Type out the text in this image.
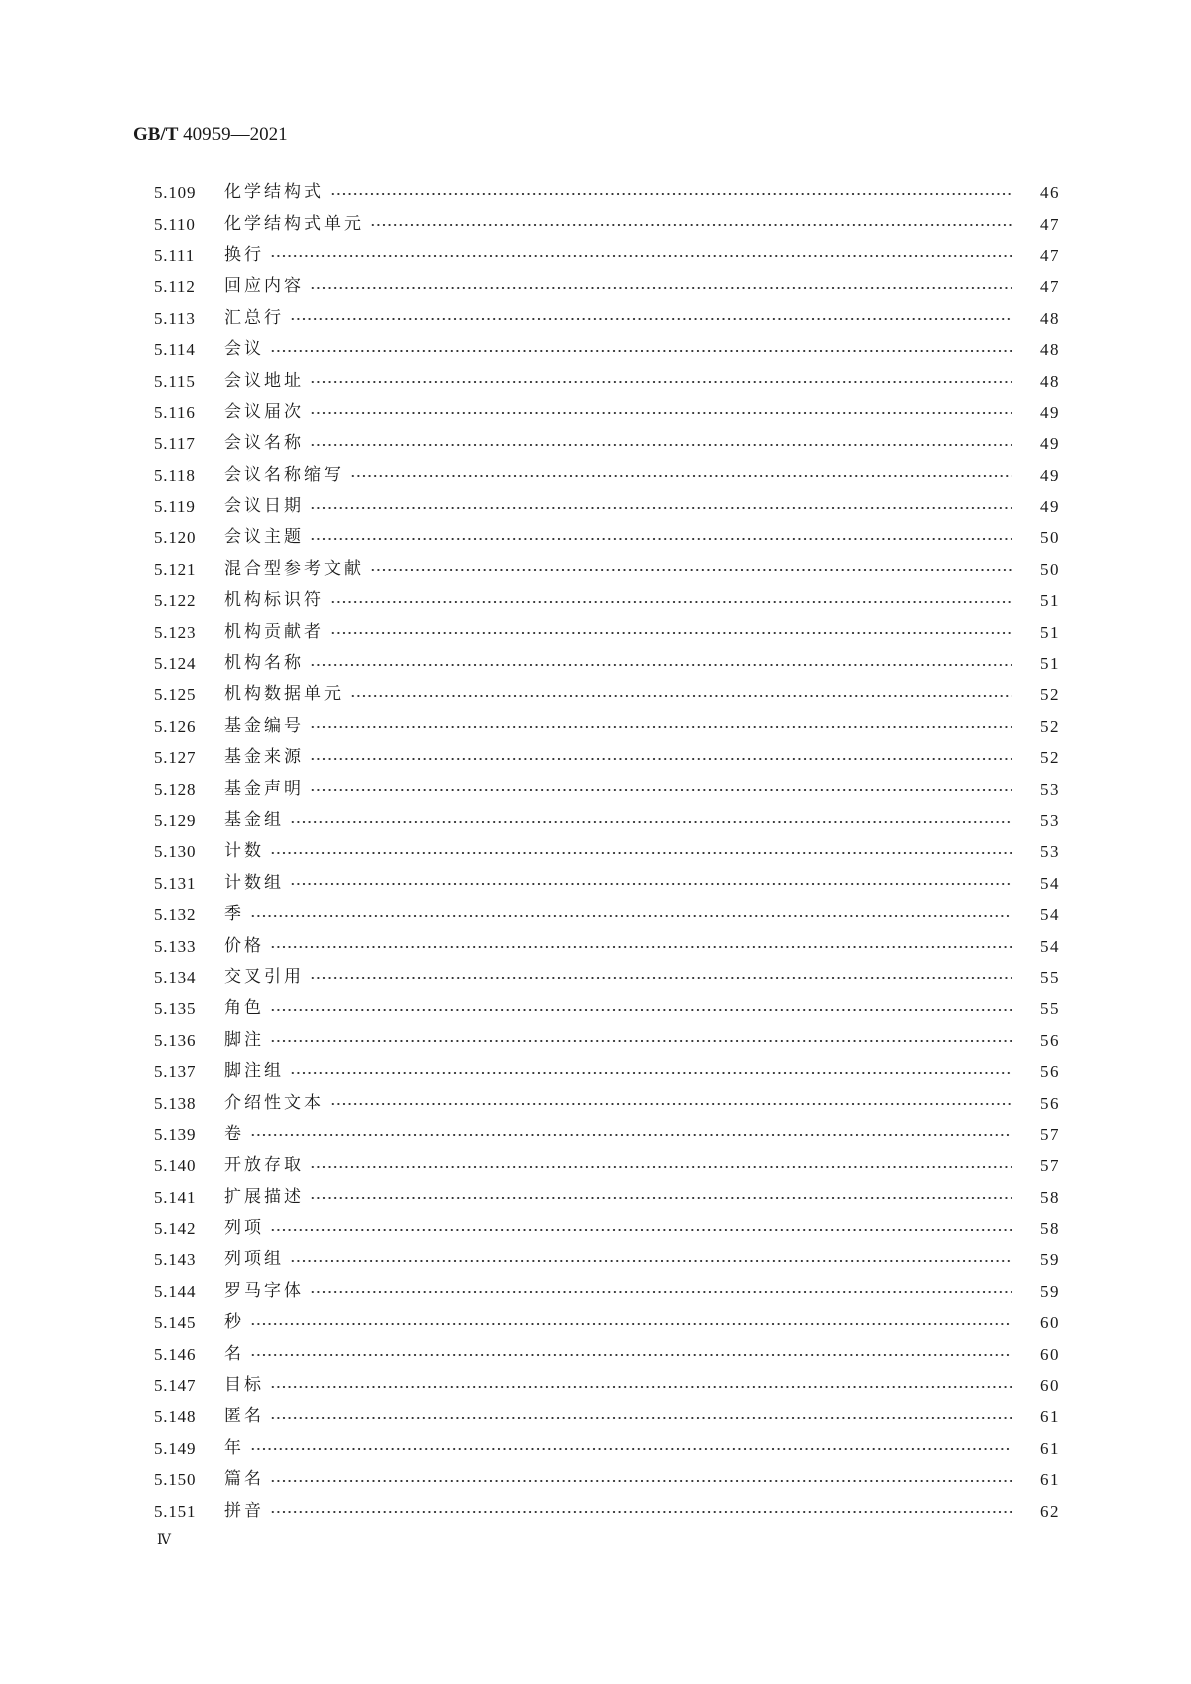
GB/T 40959—2021
5.109	化学结构式	46
5.110	化学结构式单元	47
5.111	换行	47
5.112	回应内容	47
5.113	汇总行	48
5.114	会议	48
5.115	会议地址	48
5.116	会议届次	49
5.117	会议名称	49
5.118	会议名称缩写	49
5.119	会议日期	49
5.120	会议主题	50
5.121	混合型参考文献	50
5.122	机构标识符	51
5.123	机构贡献者	51
5.124	机构名称	51
5.125	机构数据单元	52
5.126	基金编号	52
5.127	基金来源	52
5.128	基金声明	53
5.129	基金组	53
5.130	计数	53
5.131	计数组	54
5.132	季	54
5.133	价格	54
5.134	交叉引用	55
5.135	角色	55
5.136	脚注	56
5.137	脚注组	56
5.138	介绍性文本	56
5.139	卷	57
5.140	开放存取	57
5.141	扩展描述	58
5.142	列项	58
5.143	列项组	59
5.144	罗马字体	59
5.145	秒	60
5.146	名	60
5.147	目标	60
5.148	匿名	61
5.149	年	61
5.150	篇名	61
5.151	拼音	62
Ⅳ
